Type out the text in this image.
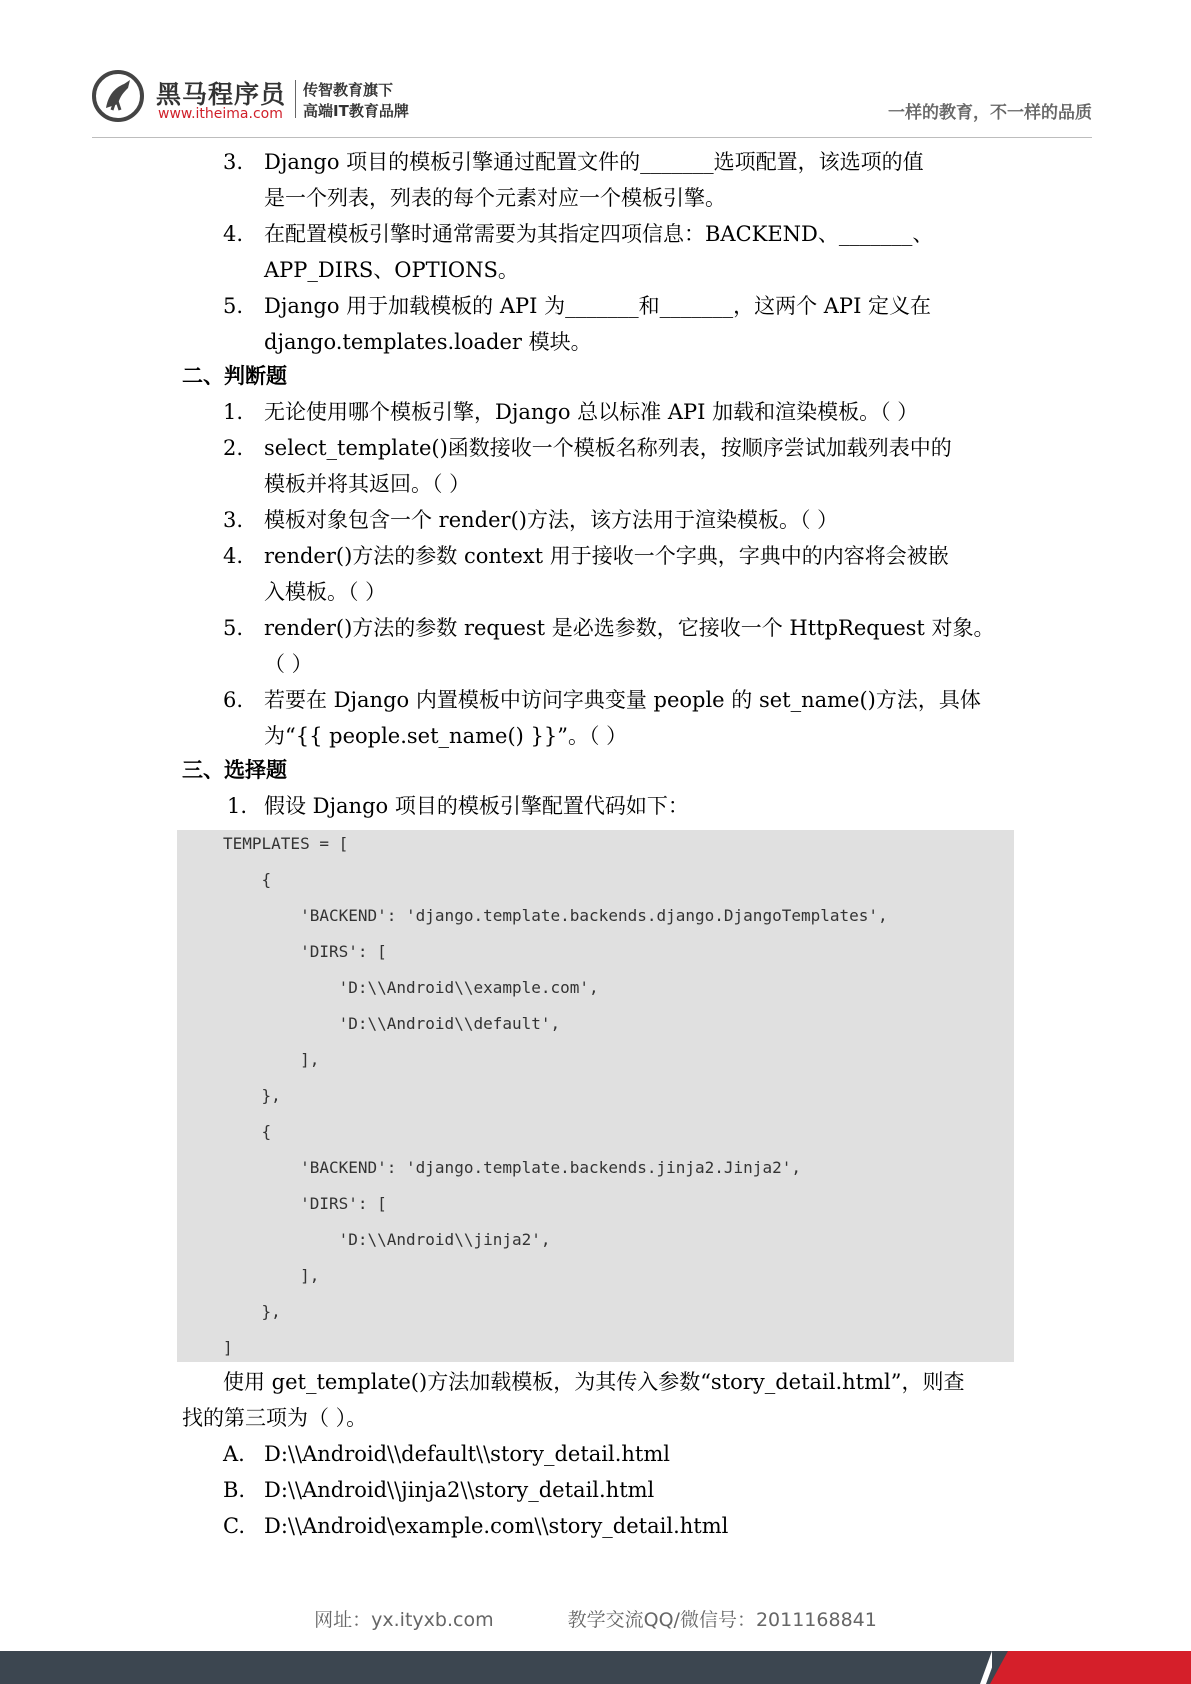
黑马程序员
www.itheima.com
传智教育旗下
高端IT教育品牌	一样的教育，不一样的品质
3. Django 项目的模板引擎通过配置文件的_______选项配置，该选项的值
是一个列表，列表的每个元素对应一个模板引擎。
4. 在配置模板引擎时通常需要为其指定四项信息：BACKEND、_______、
APP_DIRS、OPTIONS。
5. Django 用于加载模板的 API 为_______和_______，这两个 API 定义在
django.templates.loader 模块。
二、判断题
1. 无论使用哪个模板引擎，Django 总以标准 API 加载和渲染模板。（ ）
2. select_template()函数接收一个模板名称列表，按顺序尝试加载列表中的
模板并将其返回。（ ）
3. 模板对象包含一个 render()方法，该方法用于渲染模板。（ ）
4. render()方法的参数 context 用于接收一个字典，字典中的内容将会被嵌
入模板。（ ）
5. render()方法的参数 request 是必选参数，它接收一个 HttpRequest 对象。
（ ）
6. 若要在 Django 内置模板中访问字典变量 people 的 set_name()方法，具体
为“{{ people.set_name() }}”。（ ）
三、选择题
1. 假设 Django 项目的模板引擎配置代码如下：
TEMPLATES = [
{
'BACKEND': 'django.template.backends.django.DjangoTemplates',
'DIRS': [
'D:\\Android\\example.com',
'D:\\Android\\default',
],
},
{
'BACKEND': 'django.template.backends.jinja2.Jinja2',
'DIRS': [
'D:\\Android\\jinja2',
],
},
]
使用 get_template()方法加载模板，为其传入参数“story_detail.html”，则查
找的第三项为（ ）。
A. D:\\Android\\default\\story_detail.html
B. D:\\Android\\jinja2\\story_detail.html
C. D:\\Android\example.com\\story_detail.html
网址：yx.ityxb.com	教学交流QQ/微信号：2011168841
